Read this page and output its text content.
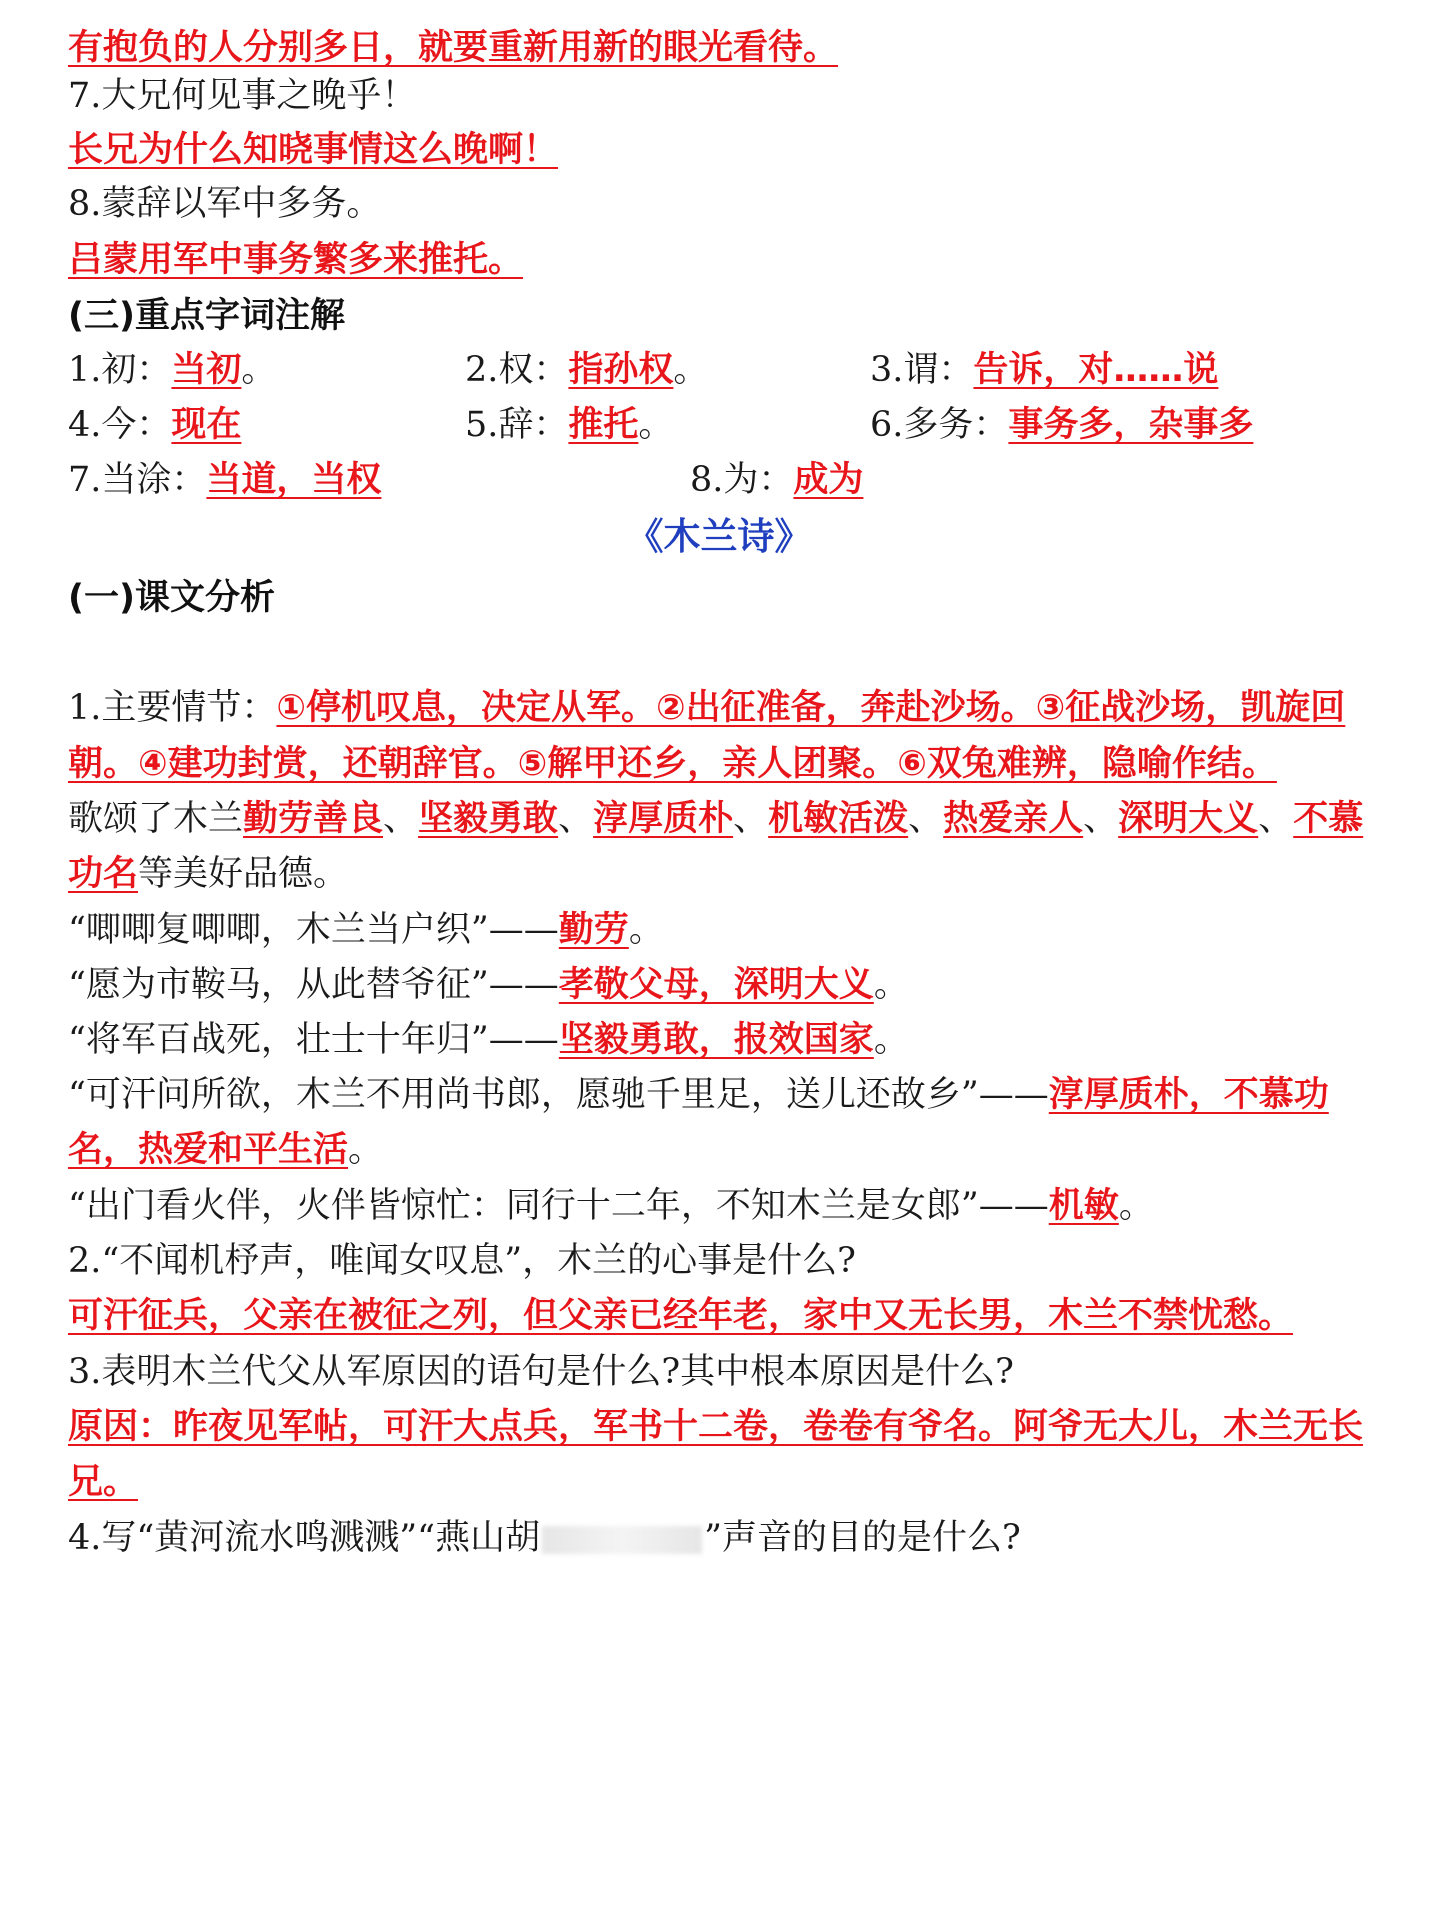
有抱负的人分别多日，就要重新用新的眼光看待。
7.大兄何见事之晚乎！
长兄为什么知晓事情这么晚啊！
8.蒙辞以军中多务。
吕蒙用军中事务繁多来推托。
(三)重点字词注解
1.初：当初。	2.权：指孙权。	3.谓：告诉，对……说
4.今：现在	5.辞：推托。	6.多务：事务多，杂事多
7.当涂：当道，当权	8.为：成为
《木兰诗》
(一)课文分析
1.主要情节：①停机叹息，决定从军。②出征准备，奔赴沙场。③征战沙场，凯旋回
朝。④建功封赏，还朝辞官。⑤解甲还乡，亲人团聚。⑥双兔难辨，隐喻作结。
歌颂了木兰勤劳善良、坚毅勇敢、淳厚质朴、机敏活泼、热爱亲人、深明大义、不慕
功名等美好品德。
“唧唧复唧唧，木兰当户织”——勤劳。
“愿为市鞍马，从此替爷征”——孝敬父母，深明大义。
“将军百战死，壮士十年归”——坚毅勇敢，报效国家。
“可汗问所欲，木兰不用尚书郎，愿驰千里足，送儿还故乡”——淳厚质朴，不慕功
名，热爱和平生活。
“出门看火伴，火伴皆惊忙：同行十二年，不知木兰是女郎”——机敏。
2.“不闻机杼声，唯闻女叹息”，木兰的心事是什么?
可汗征兵，父亲在被征之列，但父亲已经年老，家中又无长男，木兰不禁忧愁。
3.表明木兰代父从军原因的语句是什么?其中根本原因是什么?
原因：昨夜见军帖，可汗大点兵，军书十二卷，卷卷有爷名。阿爷无大儿，木兰无长
兄。
4.写“黄河流水鸣溅溅”“燕山胡	”声音的目的是什么?
